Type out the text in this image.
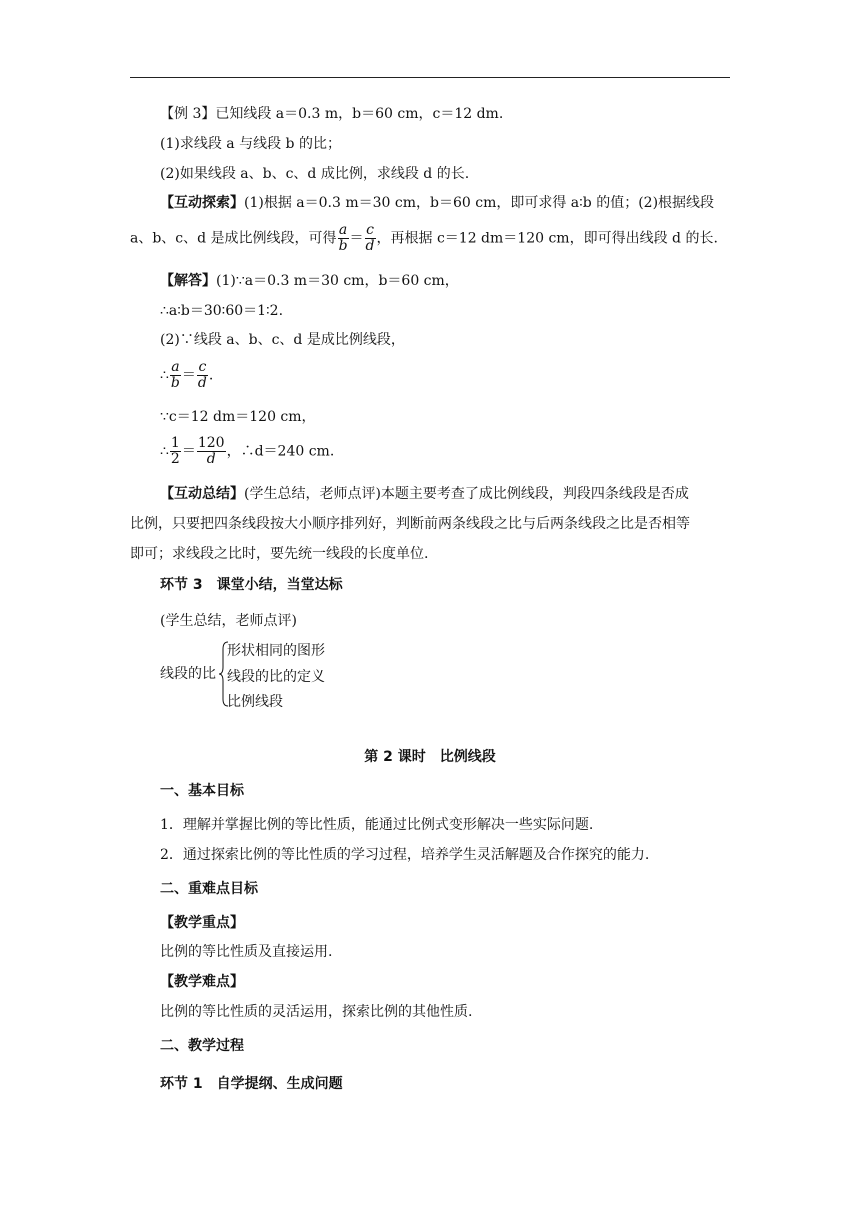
【例 3】已知线段 a＝0.3 m，b＝60 cm，c＝12 dm.
(1)求线段 a 与线段 b 的比；
(2)如果线段 a、b、c、d 成比例，求线段 d 的长.
【互动探索】(1)根据 a＝0.3 m＝30 cm，b＝60 cm，即可求得 a∶b 的值；(2)根据线段
a、b、c、d 是成比例线段，可得 $\frac{a}{b} = \frac{c}{d}$ ，再根据 c＝12 dm＝120 cm，即可得出线段 d 的长.
【解答】(1)∵a＝0.3 m＝30 cm，b＝60 cm，
∴a∶b＝30∶60＝1∶2.
(2)∵线段 a、b、c、d 是成比例线段，
∴ $\frac{a}{b} = \frac{c}{d}$ .
∵c＝12 dm＝120 cm，
∴ $\frac{1}{2} = \frac{120}{d}$ ，∴d＝240 cm.
【互动总结】(学生总结，老师点评)本题主要考查了成比例线段，判段四条线段是否成
比例，只要把四条线段按大小顺序排列好，判断前两条线段之比与后两条线段之比是否相等
即可；求线段之比时，要先统一线段的长度单位.
环节 3　课堂小结，当堂达标
(学生总结，老师点评)
线段的比
形状相同的图形
线段的比的定义
比例线段
第 2 课时　比例线段
一、基本目标
1．理解并掌握比例的等比性质，能通过比例式变形解决一些实际问题.
2．通过探索比例的等比性质的学习过程，培养学生灵活解题及合作探究的能力.
二、重难点目标
【教学重点】
比例的等比性质及直接运用.
【教学难点】
比例的等比性质的灵活运用，探索比例的其他性质.
二、教学过程
环节 1　自学提纲、生成问题
